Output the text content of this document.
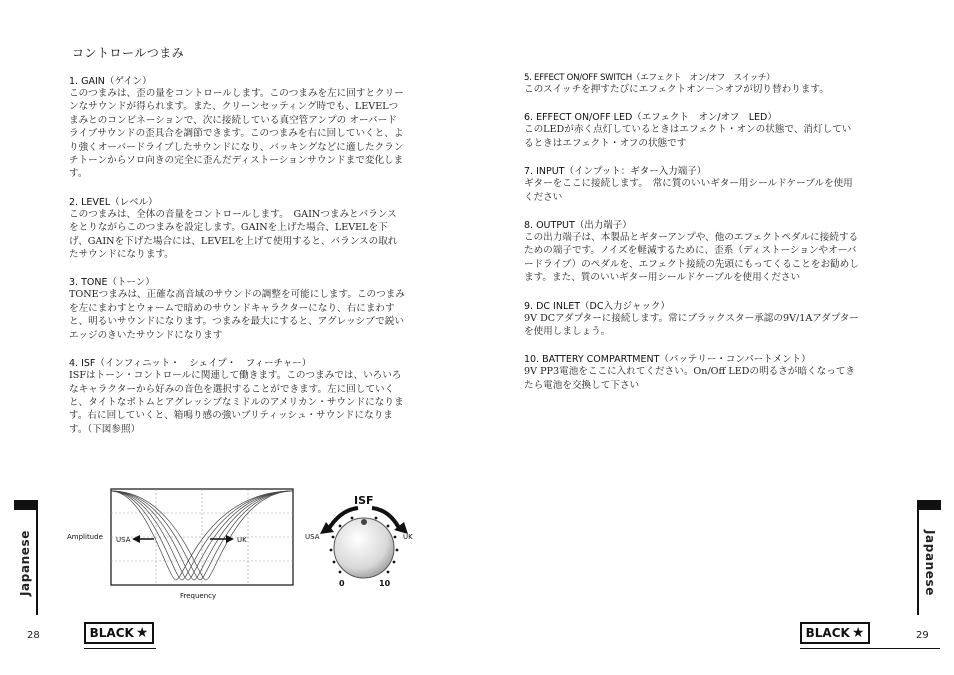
コントロールつまみ
1. GAIN（ゲイン）
このつまみは、歪の量をコントロールします。このつまみを左に回すとクリーンなサウンドが得られます。また、クリーンセッティング時でも、LEVELつまみとのコンビネーションで、次に接続している真空管アンプの オーバードライブサウンドの歪具合を調節できます。このつまみを右に回していくと、より強くオーバードライブしたサウンドになり、バッキングなどに適したクランチトーンからソロ向きの完全に歪んだディストーションサウンドまで変化します。
2. LEVEL（レベル）
このつまみは、全体の音量をコントロールします。　GAINつまみとバランスをとりながらこのつまみを設定します。GAINを上げた場合、LEVELを下げ、GAINを下げた場合には、LEVELを上げて使用すると、バランスの取れたサウンドになります。
3. TONE（トーン）
TONEつまみは、正確な高音域のサウンドの調整を可能にします。このつまみを左にまわすとウォームで暗めのサウンドキャラクターになり、右にまわすと、明るいサウンドになります。つまみを最大にすると、アグレッシブで鋭いエッジのきいたサウンドになります
4. ISF（インフィニット・　シェイプ・　フィーチャー）
ISFはトーン・コントロールに関連して働きます。このつまみでは、いろいろなキャラクターから好みの音色を選択することができます。左に回していくと、タイトなボトムとアグレッシブなミドルのアメリカン・サウンドになります。右に回していくと、箱鳴り感の強いブリティッシュ・サウンドになります。（下図参照）
5. EFFECT ON/OFF SWITCH（エフェクト　オン/オフ　スイッチ）
このスイッチを押すたびにエフェクトオン－＞オフが切り替わります。
6. EFFECT ON/OFF LED（エフェクト　オン/オフ　LED）
このLEDが赤く点灯しているときはエフェクト・オンの状態で、消灯しているときはエフェクト・オフの状態です
7. INPUT（インプット：ギター入力端子）
ギターをここに接続します。　常に質のいいギター用シールドケーブルを使用ください
8. OUTPUT（出力端子）
この出力端子は、本製品とギターアンプや、他のエフェクトペダルに接続するための端子です。ノイズを軽減するために、歪系（ディストーションやオーバードライブ）のペダルを、エフェクト接続の先頭にもってくることをお勧めします。また、質のいいギター用シールドケーブルを使用ください
9. DC INLET（DC入力ジャック）
9V DCアダプターに接続します。常にブラックスター承認の9V/1Aアダプターを使用しましょう。
10. BATTERY COMPARTMENT（バッテリー・コンパートメント）
9V PP3電池をここに入れてください。On/Off LEDの明るさが暗くなってきたら電池を交換して下さい
Amplitude
Frequency
USA	UK
ISF
USA	UK
0	10
Japanese	Japanese
28	BLACK ★	BLACK ★	29
